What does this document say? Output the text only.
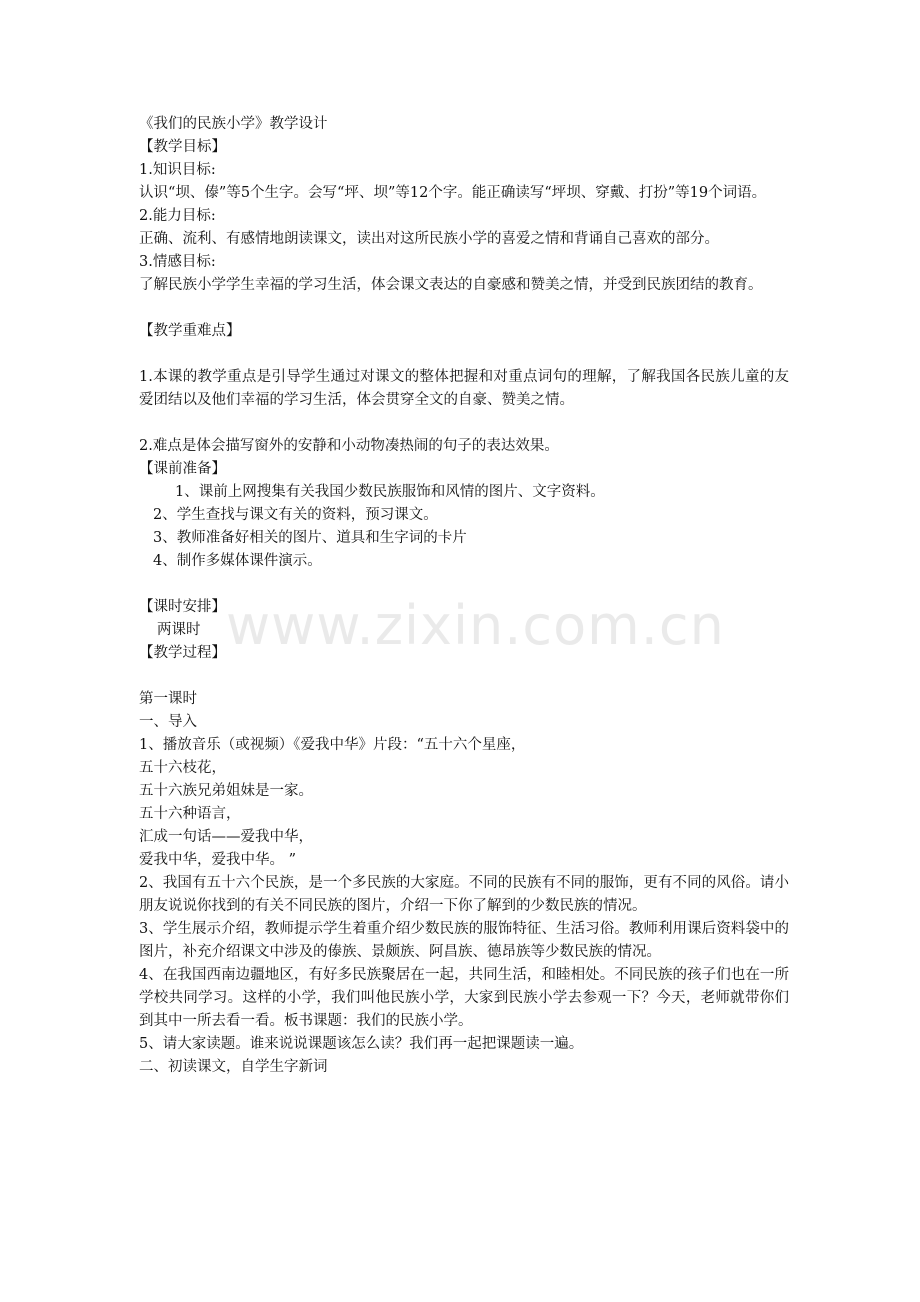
《我们的民族小学》教学设计
【教学目标】
1.知识目标:
认识“坝、傣”等5个生字。会写“坪、坝”等12个字。能正确读写“坪坝、穿戴、打扮”等19个词语。
2.能力目标:
正确、流利、有感情地朗读课文，读出对这所民族小学的喜爱之情和背诵自己喜欢的部分。
3.情感目标:
了解民族小学学生幸福的学习生活，体会课文表达的自豪感和赞美之情，并受到民族团结的教育。
【教学重难点】
1.本课的教学重点是引导学生通过对课文的整体把握和对重点词句的理解，了解我国各民族儿童的友爱团结以及他们幸福的学习生活，体会贯穿全文的自豪、赞美之情。
2.难点是体会描写窗外的安静和小动物凑热闹的句子的表达效果。
【课前准备】
1、课前上网搜集有关我国少数民族服饰和风情的图片、文字资料。
2、学生查找与课文有关的资料，预习课文。
3、教师准备好相关的图片、道具和生字词的卡片
4、制作多媒体课件演示。
【课时安排】
两课时
【教学过程】
第一课时
一、导入
1、播放音乐（或视频）《爱我中华》片段：“五十六个星座，
五十六枝花，
五十六族兄弟姐妹是一家。
五十六种语言，
汇成一句话——爱我中华，
爱我中华，爱我中华。 ”
2、我国有五十六个民族，是一个多民族的大家庭。不同的民族有不同的服饰，更有不同的风俗。请小朋友说说你找到的有关不同民族的图片，介绍一下你了解到的少数民族的情况。
3、学生展示介绍，教师提示学生着重介绍少数民族的服饰特征、生活习俗。教师利用课后资料袋中的图片，补充介绍课文中涉及的傣族、景颇族、阿昌族、德昂族等少数民族的情况。
4、在我国西南边疆地区，有好多民族聚居在一起，共同生活，和睦相处。不同民族的孩子们也在一所学校共同学习。这样的小学，我们叫他民族小学，大家到民族小学去参观一下？今天，老师就带你们到其中一所去看一看。板书课题：我们的民族小学。
5、请大家读题。谁来说说课题该怎么读？我们再一起把课题读一遍。
二、初读课文，自学生字新词
www.zixin.com.cn
